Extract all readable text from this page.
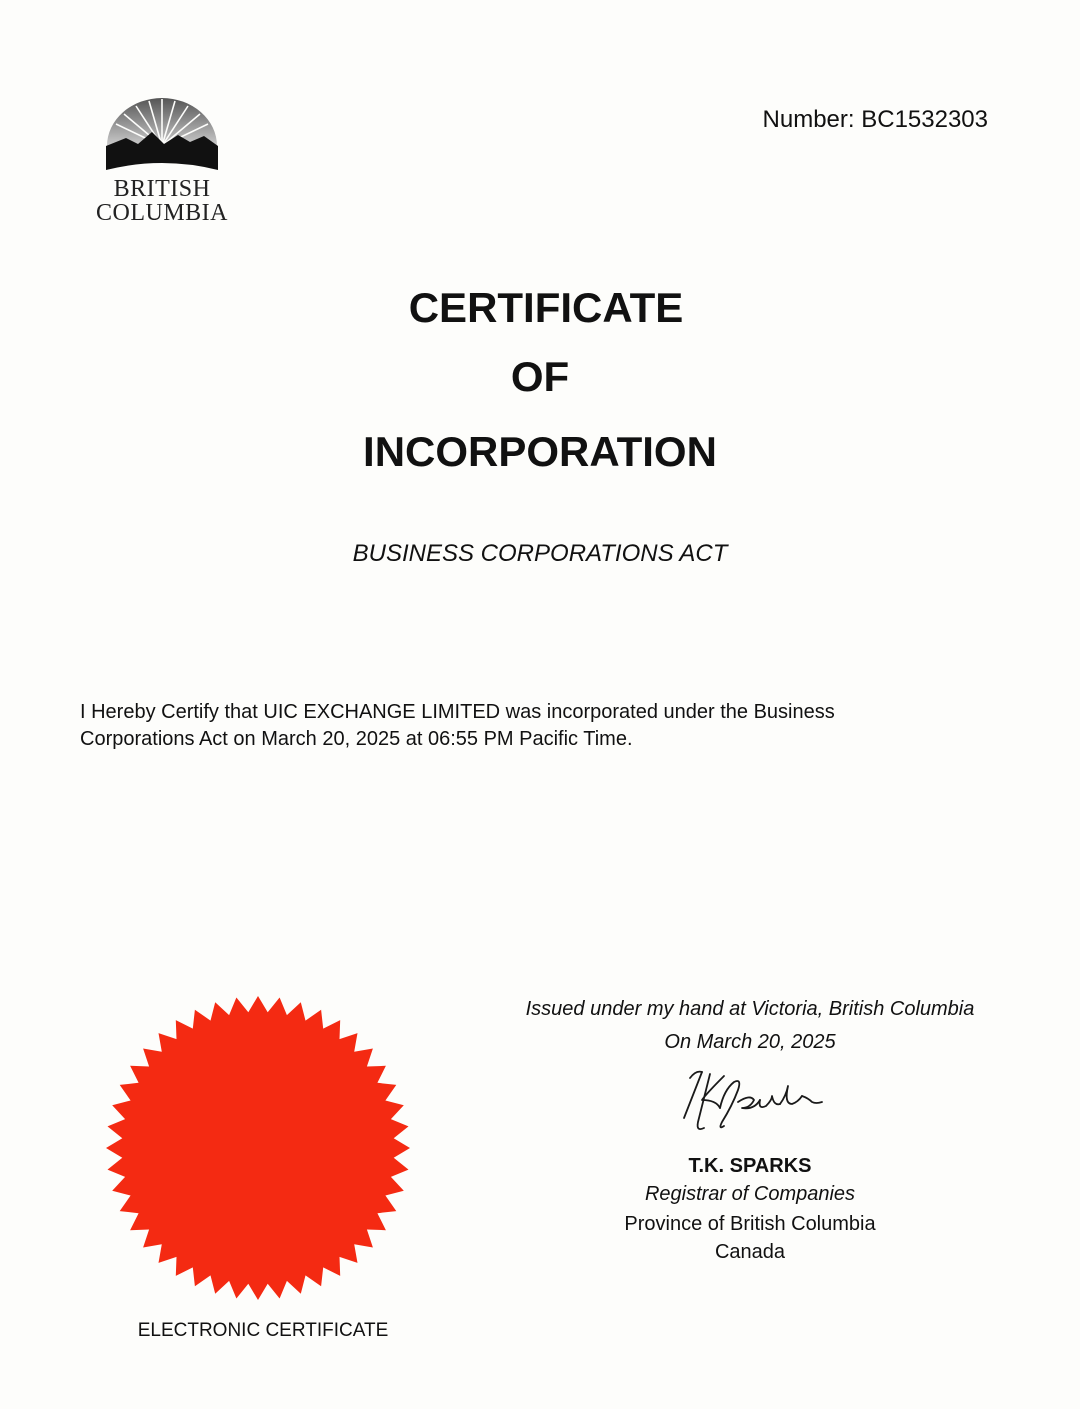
BRITISH
COLUMBIA
Number: BC1532303
CERTIFICATE
OF
INCORPORATION
BUSINESS CORPORATIONS ACT
I Hereby Certify that UIC EXCHANGE LIMITED was incorporated under the Business
Corporations Act on March 20, 2025 at 06:55 PM Pacific Time.
ELECTRONIC CERTIFICATE
Issued under my hand at Victoria, British Columbia
On March 20, 2025
T.K. SPARKS
Registrar of Companies
Province of British Columbia
Canada
